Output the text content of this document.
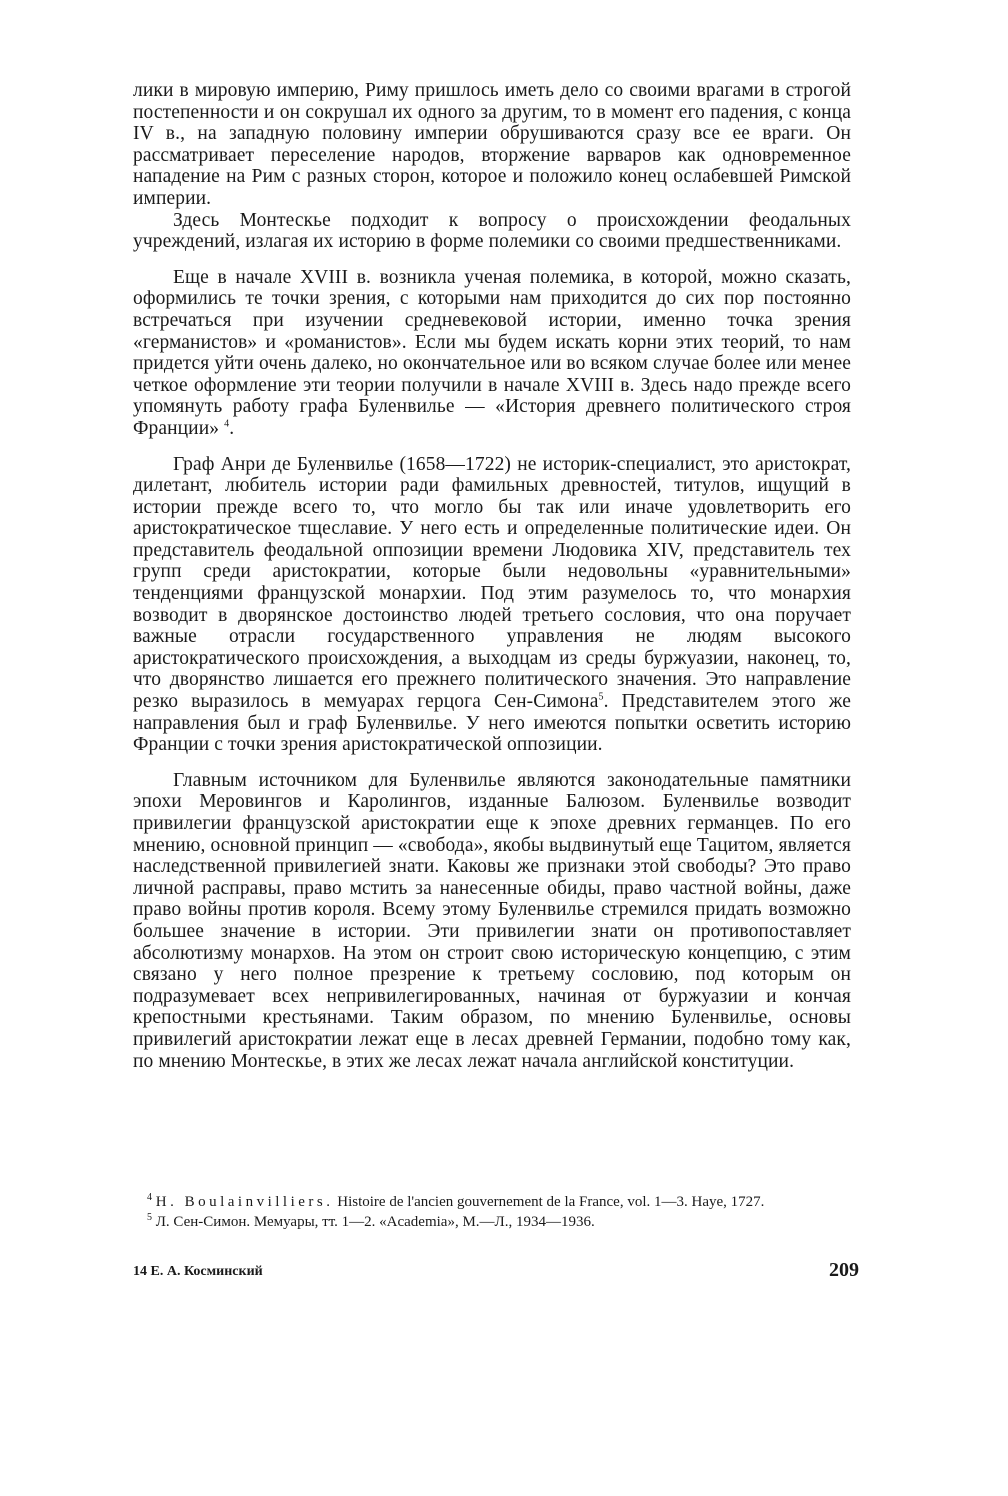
лики в мировую империю, Риму пришлось иметь дело со своими врагами в строгой постепенности и он сокрушал их одного за другим, то в момент его падения, с конца IV в., на западную половину империи обрушиваются сразу все ее враги. Он рассматривает переселение народов, вторжение варваров как одновременное нападение на Рим с разных сторон, которое и положило конец ослабевшей Римской империи.

Здесь Монтескье подходит к вопросу о происхождении феодальных учреждений, излагая их историю в форме полемики со своими предшественниками.

Еще в начале XVIII в. возникла ученая полемика, в которой, можно сказать, оформились те точки зрения, с которыми нам приходится до сих пор постоянно встречаться при изучении средневековой истории, именно точка зрения «германистов» и «романистов». Если мы будем искать корни этих теорий, то нам придется уйти очень далеко, но окончательное или во всяком случае более или менее четкое оформление эти теории получили в начале XVIII в. Здесь надо прежде всего упомянуть работу графа Буленвилье — «История древнего политического строя Франции» $^4$.

Граф Анри де Буленвилье (1658—1722) не историк-специалист, это аристократ, дилетант, любитель истории ради фамильных древностей, титулов, ищущий в истории прежде всего то, что могло бы так или иначе удовлетворить его аристократическое тщеславие. У него есть и определенные политические идеи. Он представитель феодальной оппозиции времени Людовика XIV, представитель тех групп среди аристократии, которые были недовольны «уравнительными» тенденциями французской монархии. Под этим разумелось то, что монархия возводит в дворянское достоинство людей третьего сословия, что она поручает важные отрасли государственного управления не людям высокого аристократического происхождения, а выходцам из среды буржуазии, наконец, то, что дворянство лишается его прежнего политического значения. Это направление резко выразилось в мемуарах герцога Сен-Симона$^5$. Представителем этого же направления был и граф Буленвилье. У него имеются попытки осветить историю Франции с точки зрения аристократической оппозиции.

Главным источником для Буленвилье являются законодательные памятники эпохи Меровингов и Каролингов, изданные Балюзом. Буленвилье возводит привилегии французской аристократии еще к эпохе древних германцев. По его мнению, основной принцип — «свобода», якобы выдвинутый еще Тацитом, является наследственной привилегией знати. Каковы же признаки этой свободы? Это право личной расправы, право мстить за нанесенные обиды, право частной войны, даже право войны против короля. Всему этому Буленвилье стремился придать возможно большее значение в истории. Эти привилегии знати он противопоставляет абсолютизму монархов. На этом он строит свою историческую концепцию, с этим связано у него полное презрение к третьему сословию, под которым он подразумевает всех непривилегированных, начиная от буржуазии и кончая крепостными крестьянами. Таким образом, по мнению Буленвилье, основы привилегий аристократии лежат еще в лесах древней Германии, подобно тому как, по мнению Монтескье, в этих же лесах лежат начала английской конституции.

$^4$ H. Boulainvilliers. Histoire de l'ancien gouvernement de la France, vol. 1—3. Haye, 1727.

$^5$ Л. Сен-Симон. Мемуары, тт. 1—2. «Academia», М.—Л., 1934—1936.

14 Е. А. Косминский	209
